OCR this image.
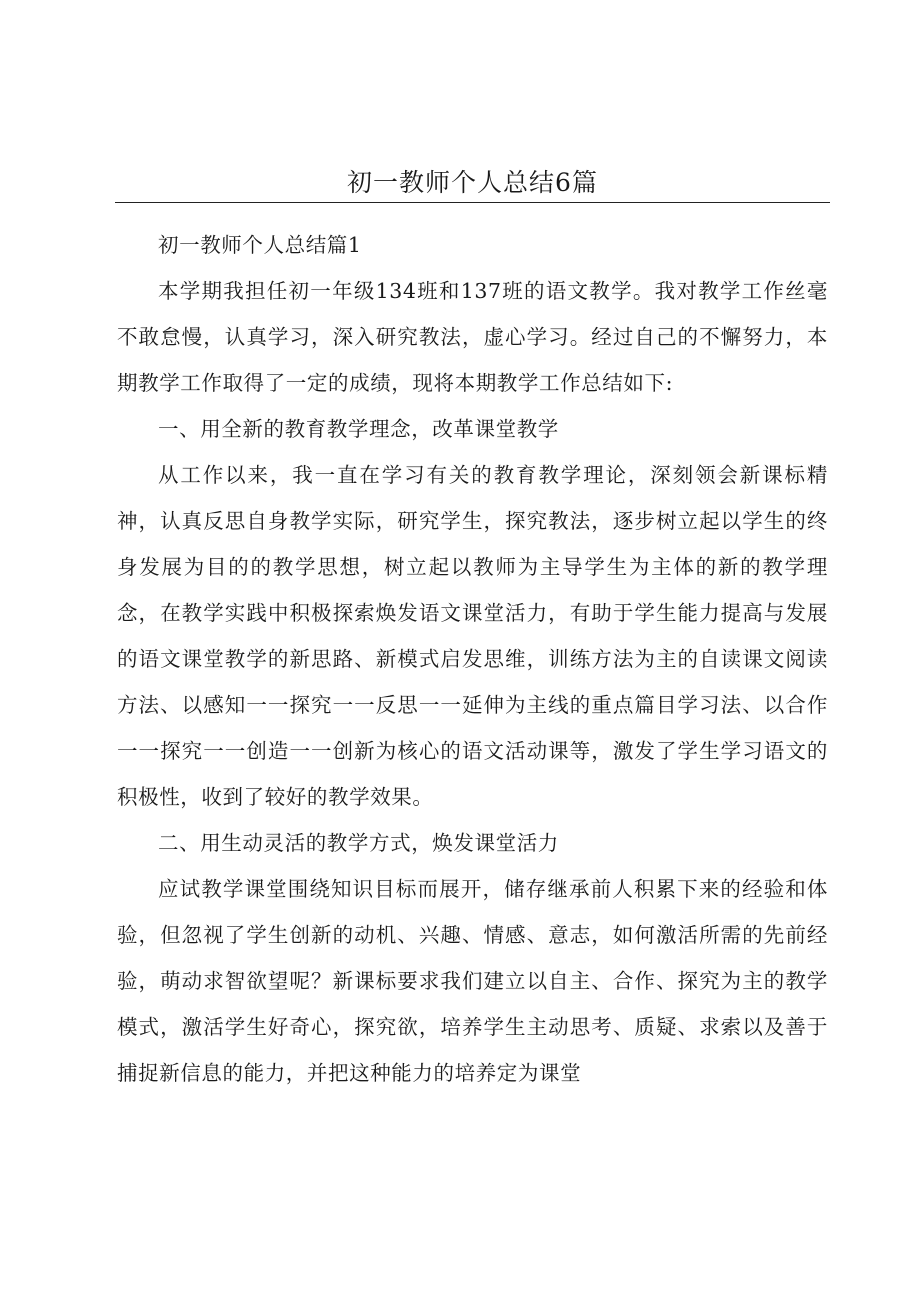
初一教师个人总结6篇

初一教师个人总结篇1

本学期我担任初一年级134班和137班的语文教学。我对教学工作丝毫不敢怠慢，认真学习，深入研究教法，虚心学习。经过自己的不懈努力，本期教学工作取得了一定的成绩，现将本期教学工作总结如下:

一、用全新的教育教学理念，改革课堂教学

从工作以来，我一直在学习有关的教育教学理论，深刻领会新课标精神，认真反思自身教学实际，研究学生，探究教法，逐步树立起以学生的终身发展为目的的教学思想，树立起以教师为主导学生为主体的新的教学理念，在教学实践中积极探索焕发语文课堂活力，有助于学生能力提高与发展的语文课堂教学的新思路、新模式启发思维，训练方法为主的自读课文阅读方法、以感知一一探究一一反思一一延伸为主线的重点篇目学习法、以合作一一探究一一创造一一创新为核心的语文活动课等，激发了学生学习语文的积极性，收到了较好的教学效果。

二、用生动灵活的教学方式，焕发课堂活力

应试教学课堂围绕知识目标而展开，储存继承前人积累下来的经验和体验，但忽视了学生创新的动机、兴趣、情感、意志，如何激活所需的先前经验，萌动求智欲望呢？新课标要求我们建立以自主、合作、探究为主的教学模式，激活学生好奇心，探究欲，培养学生主动思考、质疑、求索以及善于捕捉新信息的能力，并把这种能力的培养定为课堂
